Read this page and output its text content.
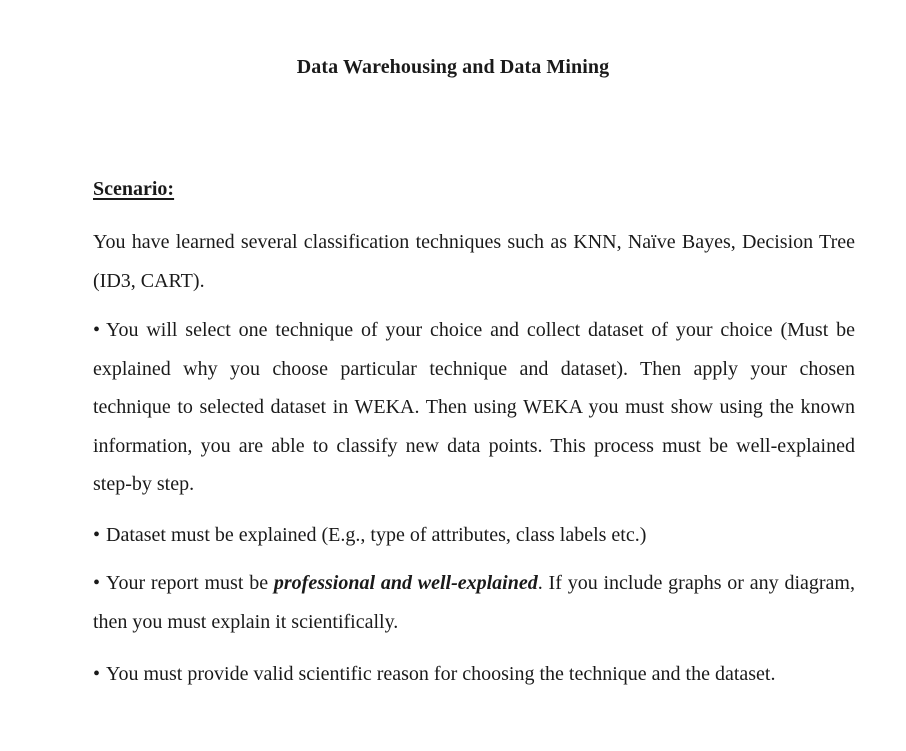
Data Warehousing and Data Mining
Scenario:
You have learned several classification techniques such as KNN, Naïve Bayes, Decision Tree (ID3, CART).
• You will select one technique of your choice and collect dataset of your choice (Must be explained why you choose particular technique and dataset). Then apply your chosen technique to selected dataset in WEKA. Then using WEKA you must show using the known information, you are able to classify new data points. This process must be well-explained step-by step.
• Dataset must be explained (E.g., type of attributes, class labels etc.)
• Your report must be professional and well-explained. If you include graphs or any diagram, then you must explain it scientifically.
• You must provide valid scientific reason for choosing the technique and the dataset.
